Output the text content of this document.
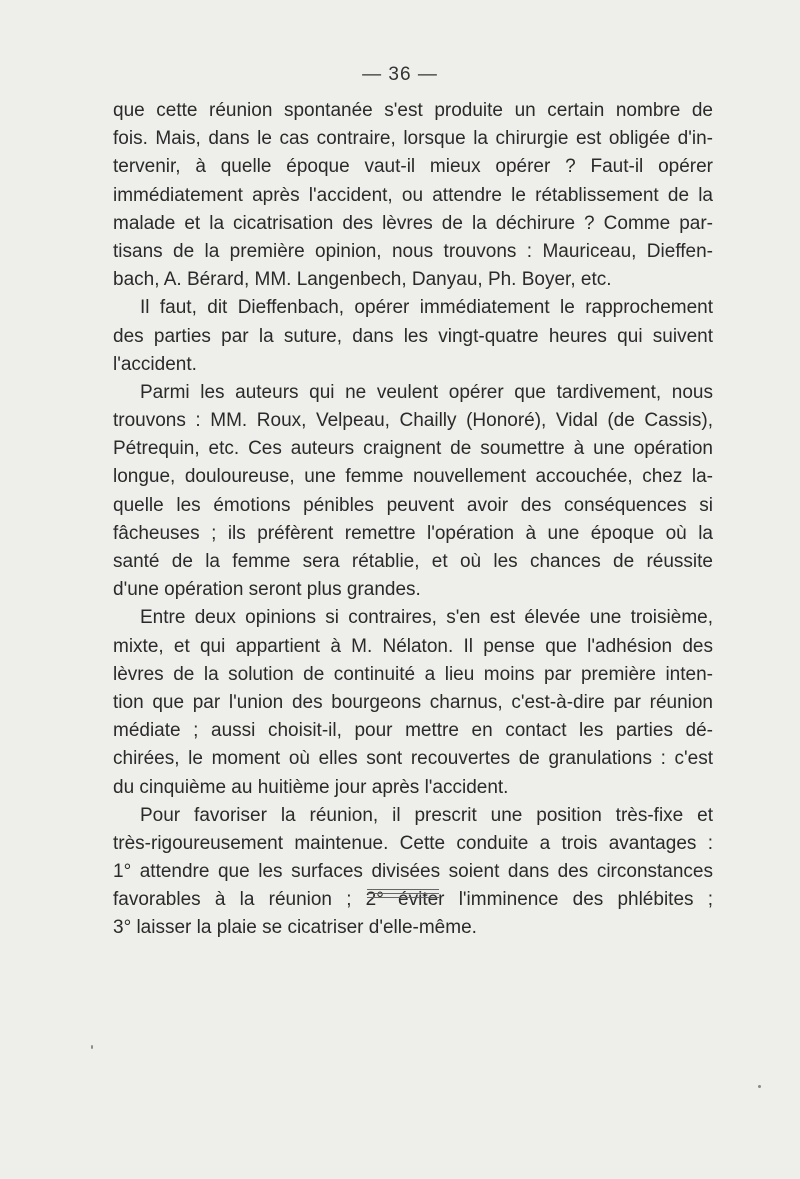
— 36 —
que cette réunion spontanée s'est produite un certain nombre de
fois. Mais, dans le cas contraire, lorsque la chirurgie est obligée d'in-
tervenir, à quelle époque vaut-il mieux opérer ? Faut-il opérer
immédiatement après l'accident, ou attendre le rétablissement de la
malade et la cicatrisation des lèvres de la déchirure ? Comme par-
tisans de la première opinion, nous trouvons : Mauriceau, Dieffen-
bach, A. Bérard, MM. Langenbech, Danyau, Ph. Boyer, etc.
Il faut, dit Dieffenbach, opérer immédiatement le rapprochement
des parties par la suture, dans les vingt-quatre heures qui suivent
l'accident.
Parmi les auteurs qui ne veulent opérer que tardivement, nous
trouvons : MM. Roux, Velpeau, Chailly (Honoré), Vidal (de Cassis),
Pétrequin, etc. Ces auteurs craignent de soumettre à une opération
longue, douloureuse, une femme nouvellement accouchée, chez la-
quelle les émotions pénibles peuvent avoir des conséquences si
fâcheuses ; ils préfèrent remettre l'opération à une époque où la
santé de la femme sera rétablie, et où les chances de réussite
d'une opération seront plus grandes.
Entre deux opinions si contraires, s'en est élevée une troisième,
mixte, et qui appartient à M. Nélaton. Il pense que l'adhésion des
lèvres de la solution de continuité a lieu moins par première inten-
tion que par l'union des bourgeons charnus, c'est-à-dire par réunion
médiate ; aussi choisit-il, pour mettre en contact les parties dé-
chirées, le moment où elles sont recouvertes de granulations : c'est
du cinquième au huitième jour après l'accident.
Pour favoriser la réunion, il prescrit une position très-fixe et
très-rigoureusement maintenue. Cette conduite a trois avantages :
1° attendre que les surfaces divisées soient dans des circonstances
favorables à la réunion ; 2° éviter l'imminence des phlébites ;
3° laisser la plaie se cicatriser d'elle-même.
